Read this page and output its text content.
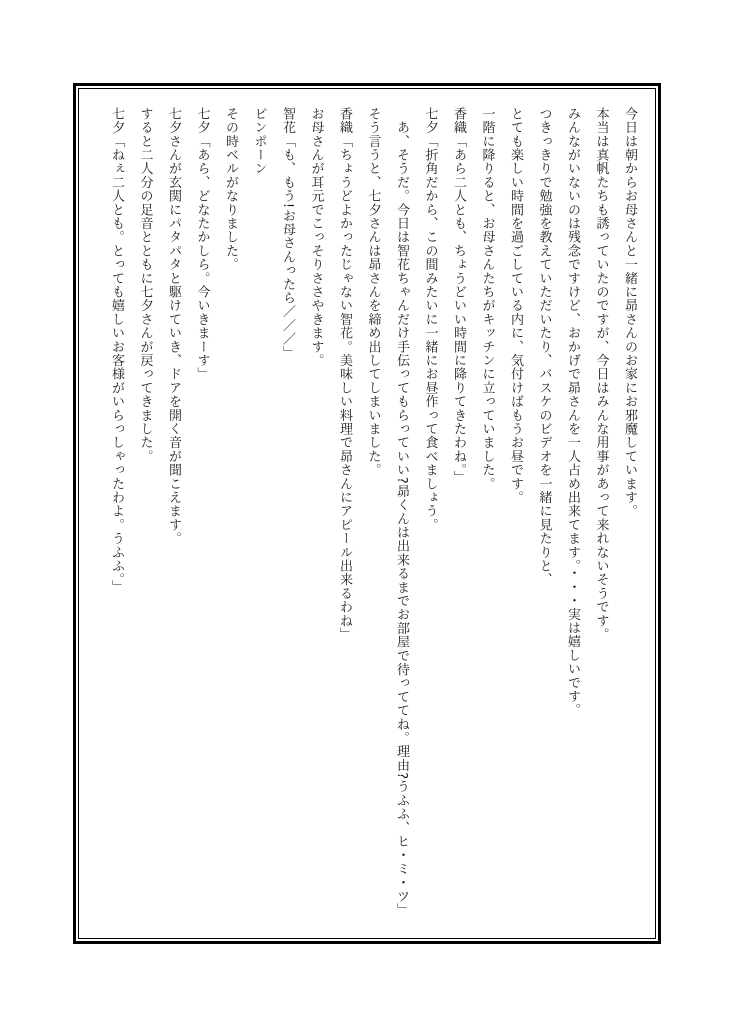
今日は朝からお母さんと一緒に昴さんのお家にお邪魔しています。

本当は真帆たちも誘っていたのですが、今日はみんな用事があって来れないそうです。

みんながいないのは残念ですけど、おかげで昴さんを一人占め出来てます。・・・実は嬉しいです。

つきっきりで勉強を教えていただいたり、バスケのビデオを一緒に見たりと、

とても楽しい時間を過ごしている内に、気付けばもうお昼です。

一階に降りると、お母さんたちがキッチンに立っていました。

香織「あら二人とも、ちょうどいい時間に降りてきたわね。」

七夕「折角だから、この間みたいに一緒にお昼作って食べましょう。

　あ、そうだ。今日は智花ちゃんだけ手伝ってもらっていい?昴くんは出来るまでお部屋で待っててね。理由?うふふ、ヒ・ミ・ツ」

そう言うと、七夕さんは昴さんを締め出してしまいました。

香織「ちょうどよかったじゃない智花。美味しい料理で昴さんにアピール出来るわね」

お母さんが耳元でこっそりささやきます。

智花「も、もう!お母さんったら／／／」

ピンポーン

その時ベルがなりました。

七夕「あら、どなたかしら。今いきまーす」

七夕さんが玄関にパタパタと駆けていき、ドアを開く音が聞こえます。

すると二人分の足音とともに七夕さんが戻ってきました。

七夕「ねぇ二人とも。とっても嬉しいお客様がいらっしゃったわよ。うふふ。」
